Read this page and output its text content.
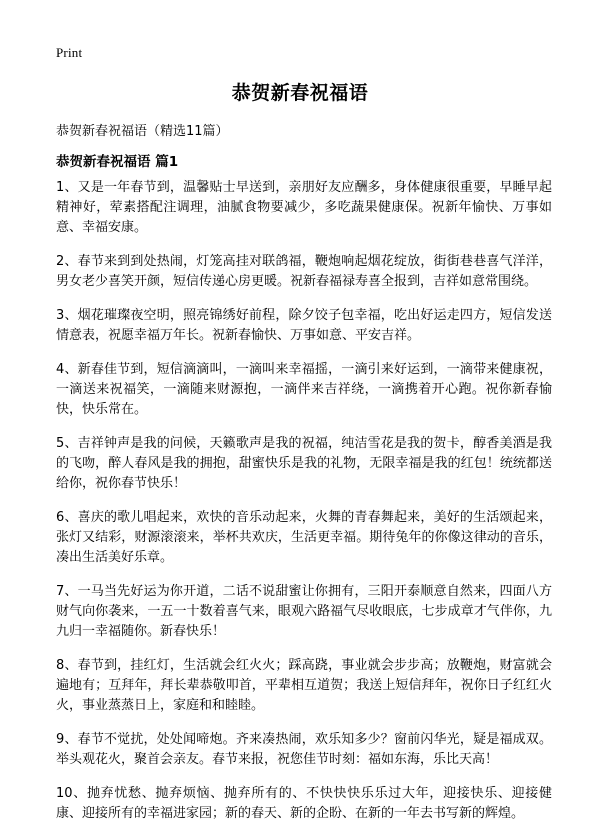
Print
恭贺新春祝福语

恭贺新春祝福语（精选11篇）

恭贺新春祝福语 篇1
1、又是一年春节到，温馨贴士早送到，亲朋好友应酬多，身体健康很重要，早睡早起精神好，荤素搭配注调理，油腻食物要减少，多吃蔬果健康保。祝新年愉快、万事如意、幸福安康。
2、春节来到到处热闹，灯笼高挂对联鸽福，鞭炮响起烟花绽放，街街巷巷喜气洋洋，男女老少喜笑开颜，短信传递心房更暖。祝新春福禄寿喜全报到，吉祥如意常围绕。
3、烟花璀璨夜空明，照亮锦绣好前程，除夕饺子包幸福，吃出好运走四方，短信发送情意表，祝愿幸福万年长。祝新春愉快、万事如意、平安吉祥。
4、新春佳节到，短信滴滴叫，一滴叫来幸福摇，一滴引来好运到，一滴带来健康祝，一滴送来祝福笑，一滴随来财源抱，一滴伴来吉祥绕，一滴携着开心跑。祝你新春愉快，快乐常在。
5、吉祥钟声是我的问候，天籁歌声是我的祝福，纯洁雪花是我的贺卡，醇香美酒是我的飞吻，醉人春风是我的拥抱，甜蜜快乐是我的礼物，无限幸福是我的红包！统统都送给你，祝你春节快乐！
6、喜庆的歌儿唱起来，欢快的音乐动起来，火舞的青春舞起来，美好的生活颂起来，张灯又结彩，财源滚滚来，举杯共欢庆，生活更幸福。期待兔年的你像这律动的音乐，凑出生活美好乐章。
7、一马当先好运为你开道，二话不说甜蜜让你拥有，三阳开泰顺意自然来，四面八方财气向你袭来，一五一十数着喜气来，眼观六路福气尽收眼底，七步成章才气伴你，九九归一幸福随你。新春快乐！
8、春节到，挂红灯，生活就会红火火；踩高跷，事业就会步步高；放鞭炮，财富就会遍地有；互拜年，拜长辈恭敬叩首，平辈相互道贺；我送上短信拜年，祝你日子红红火火，事业蒸蒸日上，家庭和和睦睦。
9、春节不觉扰，处处闻啼炮。齐来凑热闹，欢乐知多少？窗前闪华光，疑是福成双。举头观花火，聚首会亲友。春节来报，祝您佳节时刻：福如东海，乐比天高！
10、抛弃忧愁、抛弃烦恼、抛弃所有的、不快快快乐乐过大年，迎接快乐、迎接健康、迎接所有的幸福进家园；新的春天、新的企盼、在新的一年去书写新的辉煌。
